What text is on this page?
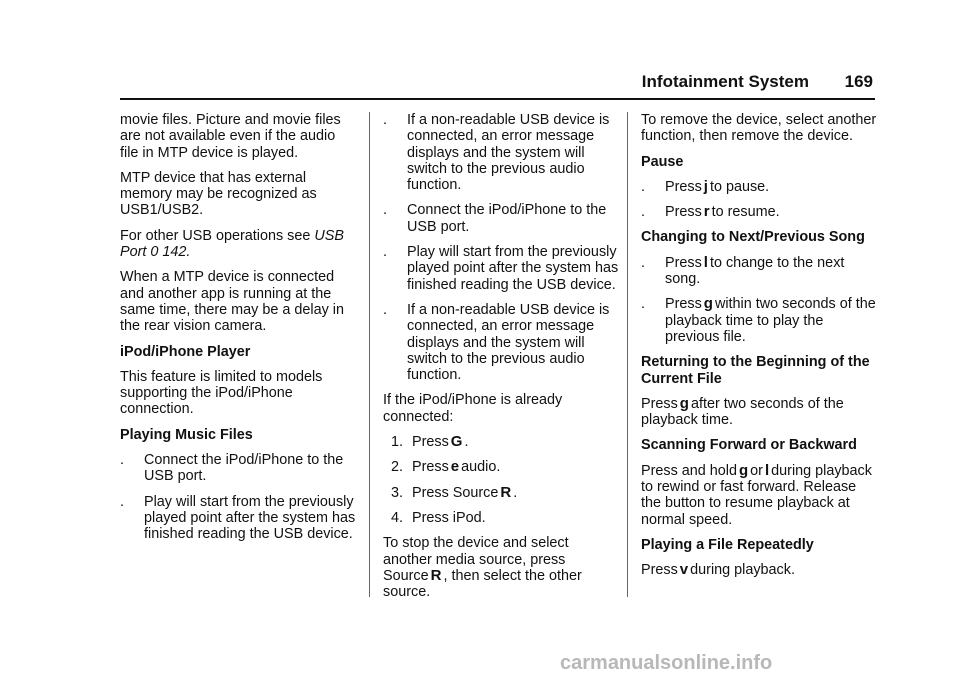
Infotainment System 169

movie files. Picture and movie files are not available even if the audio file in MTP device is played.

MTP device that has external memory may be recognized as USB1/USB2.

For other USB operations see USB Port 0 142.

When a MTP device is connected and another app is running at the same time, there may be a delay in the rear vision camera.

iPod/iPhone Player

This feature is limited to models supporting the iPod/iPhone connection.

Playing Music Files

.	Connect the iPod/iPhone to the USB port.
.	Play will start from the previously played point after the system has finished reading the USB device.
.	If a non-readable USB device is connected, an error message displays and the system will switch to the previous audio function.
.	Connect the iPod/iPhone to the USB port.
.	Play will start from the previously played point after the system has finished reading the USB device.
.	If a non-readable USB device is connected, an error message displays and the system will switch to the previous audio function.

If the iPod/iPhone is already connected:

1. Press G .
2. Press e audio.
3. Press Source R .
4. Press iPod.

To stop the device and select another media source, press Source R , then select the other source.

To remove the device, select another function, then remove the device.

Pause

.	Press j to pause.
.	Press r to resume.

Changing to Next/Previous Song

.	Press l to change to the next song.
.	Press g within two seconds of the playback time to play the previous file.

Returning to the Beginning of the Current File

Press g after two seconds of the playback time.

Scanning Forward or Backward

Press and hold g or l during playback to rewind or fast forward. Release the button to resume playback at normal speed.

Playing a File Repeatedly

Press v during playback.

carmanualsonline.info
